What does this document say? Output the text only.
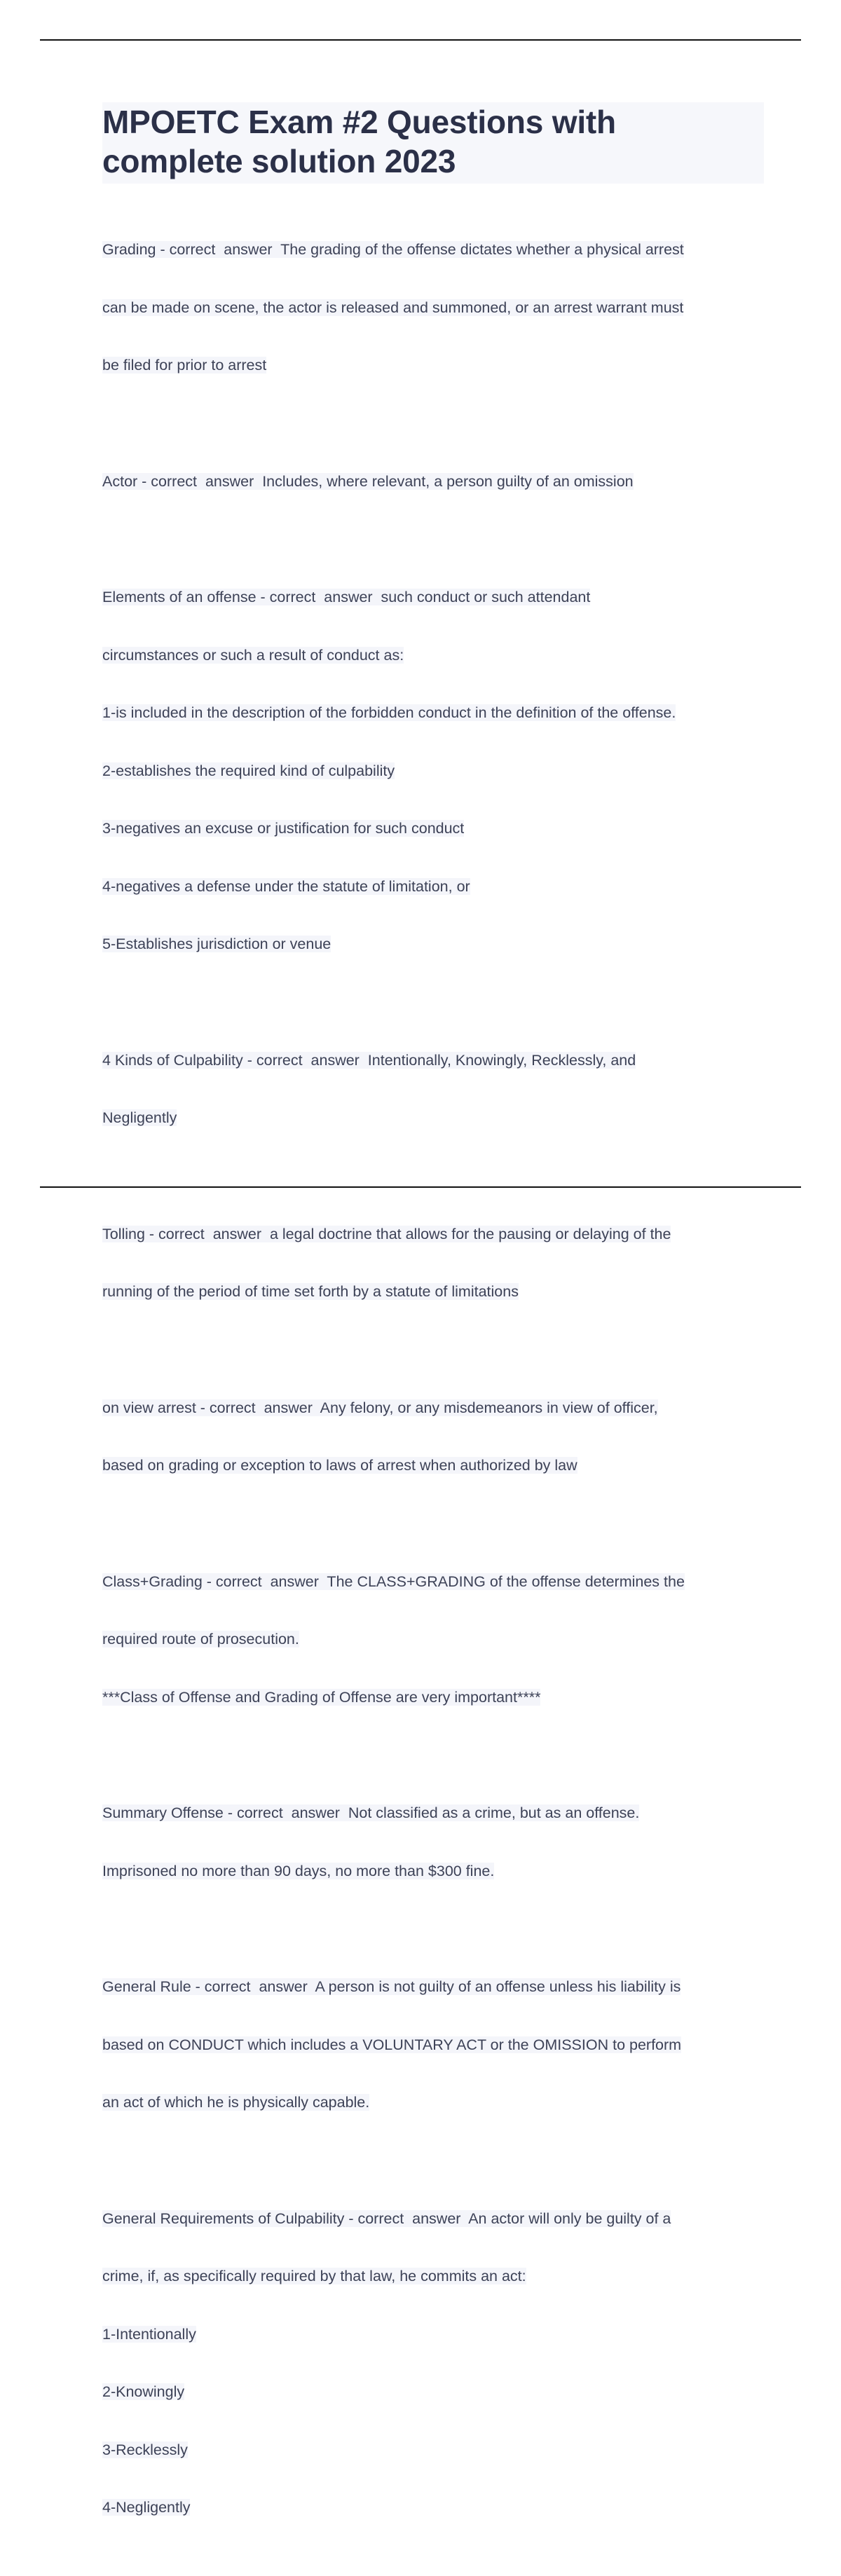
MPOETC Exam #2 Questions with
complete solution 2023

Grading - correct  answer  The grading of the offense dictates whether a physical arrest

can be made on scene, the actor is released and summoned, or an arrest warrant must

be filed for prior to arrest

Actor - correct  answer  Includes, where relevant, a person guilty of an omission

Elements of an offense - correct  answer  such conduct or such attendant

circumstances or such a result of conduct as:

1-is included in the description of the forbidden conduct in the definition of the offense.

2-establishes the required kind of culpability

3-negatives an excuse or justification for such conduct

4-negatives a defense under the statute of limitation, or

5-Establishes jurisdiction or venue

4 Kinds of Culpability - correct  answer  Intentionally, Knowingly, Recklessly, and

Negligently

Tolling - correct  answer  a legal doctrine that allows for the pausing or delaying of the

running of the period of time set forth by a statute of limitations

on view arrest - correct  answer  Any felony, or any misdemeanors in view of officer,

based on grading or exception to laws of arrest when authorized by law

Class+Grading - correct  answer  The CLASS+GRADING of the offense determines the

required route of prosecution.

***Class of Offense and Grading of Offense are very important****

Summary Offense - correct  answer  Not classified as a crime, but as an offense.

Imprisoned no more than 90 days, no more than $300 fine.

General Rule - correct  answer  A person is not guilty of an offense unless his liability is

based on CONDUCT which includes a VOLUNTARY ACT or the OMISSION to perform

an act of which he is physically capable.

General Requirements of Culpability - correct  answer  An actor will only be guilty of a

crime, if, as specifically required by that law, he commits an act:

1-Intentionally

2-Knowingly

3-Recklessly

4-Negligently
